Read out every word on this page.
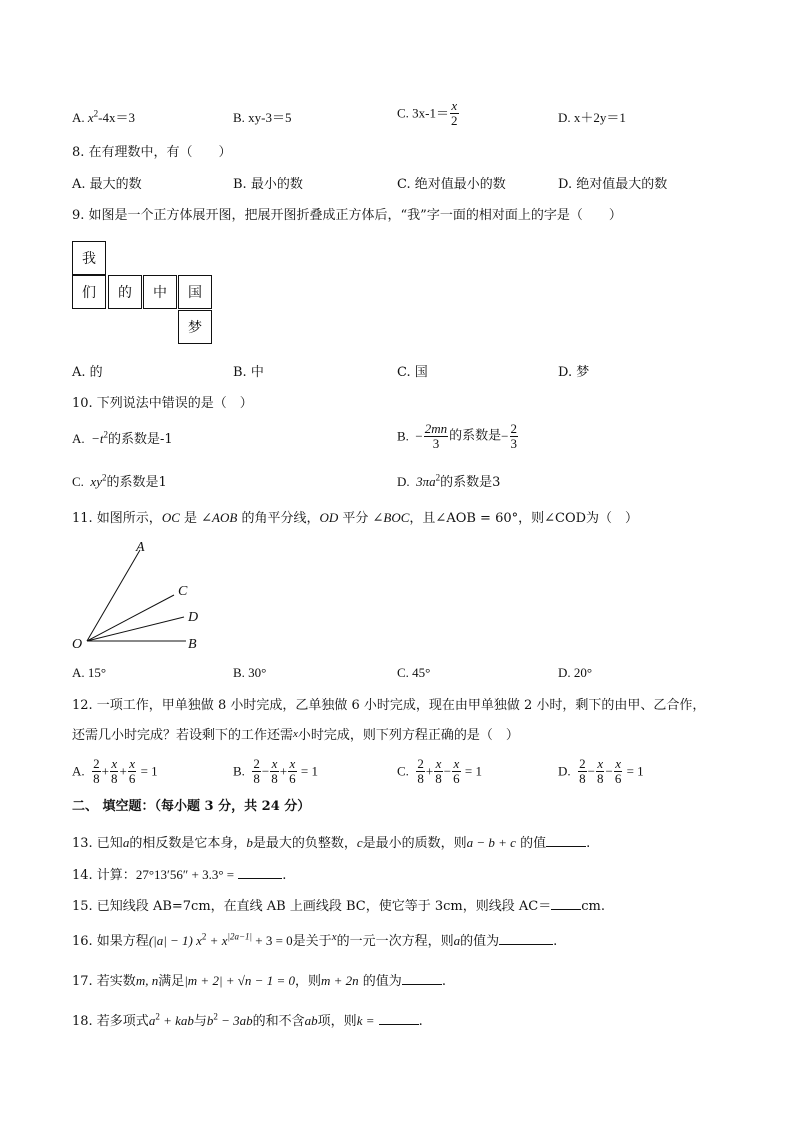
A. $x^2-4x=3$	B. xy-3＝5	C. $3x-1= \frac{x}{2}$	D. x＋2y＝1
8. 在有理数中，有（　　）
A. 最大的数	B. 最小的数	C. 绝对值最小的数	D. 绝对值最大的数
9. 如图是一个正方体展开图，把展开图折叠成正方体后，“我”字一面的相对面上的字是（　　）
我
们	的	中	国
梦
A. 的	B. 中	C. 国	D. 梦
10. 下列说法中错误的是（　）
A. $-t^2$的系数是-1	B. − $\frac{2mn}{3}$ 的系数是− $\frac{2}{3}$
C. $xy^2$的系数是1	D. $3\pi a^2$的系数是3
11. 如图所示，OC 是 ∠AOB 的角平分线，OD 平分 ∠BOC，且∠AOB = 60°，则∠COD为（　）
A
C
D
O	B
A. 15°	B. 30°	C. 45°	D. 20°
12. 一项工作，甲单独做 8 小时完成，乙单独做 6 小时完成，现在由甲单独做 2 小时，剩下的由甲、乙合作，
还需几小时完成？若设剩下的工作还需$^x$小时完成，则下列方程正确的是（　）
A. $\frac{2}{8} + \frac{x}{8} + \frac{x}{6} = 1$	B. $\frac{2}{8} - \frac{x}{8} + \frac{x}{6} = 1$	C. $\frac{2}{8} + \frac{x}{8} - \frac{x}{6} = 1$	D. $\frac{2}{8} - \frac{x}{8} - \frac{x}{6} = 1$
二、 填空题：（每小题 3 分，共 24 分）
13. 已知a的相反数是它本身，b是最大的负整数，c是最小的质数，则a − b + c 的值	.
14. 计算：27°13′56″ + 3.3° =	.
15. 已知线段 AB=7cm，在直线 AB 上画线段 BC，使它等于 3cm，则线段 AC＝ cm.
16. 如果方程(|a| − 1) $x^2 + x^{|2a-1|} + 3 = 0$是关于$^x$的一元一次方程，则a的值为	.
17. 若实数m, n满足|m + 2| + √n − 1 = 0，则m + 2n 的值为	.
18. 若多项式$a^2$ + kab与$b^2 - 3ab$的和不含ab项，则k =	.
